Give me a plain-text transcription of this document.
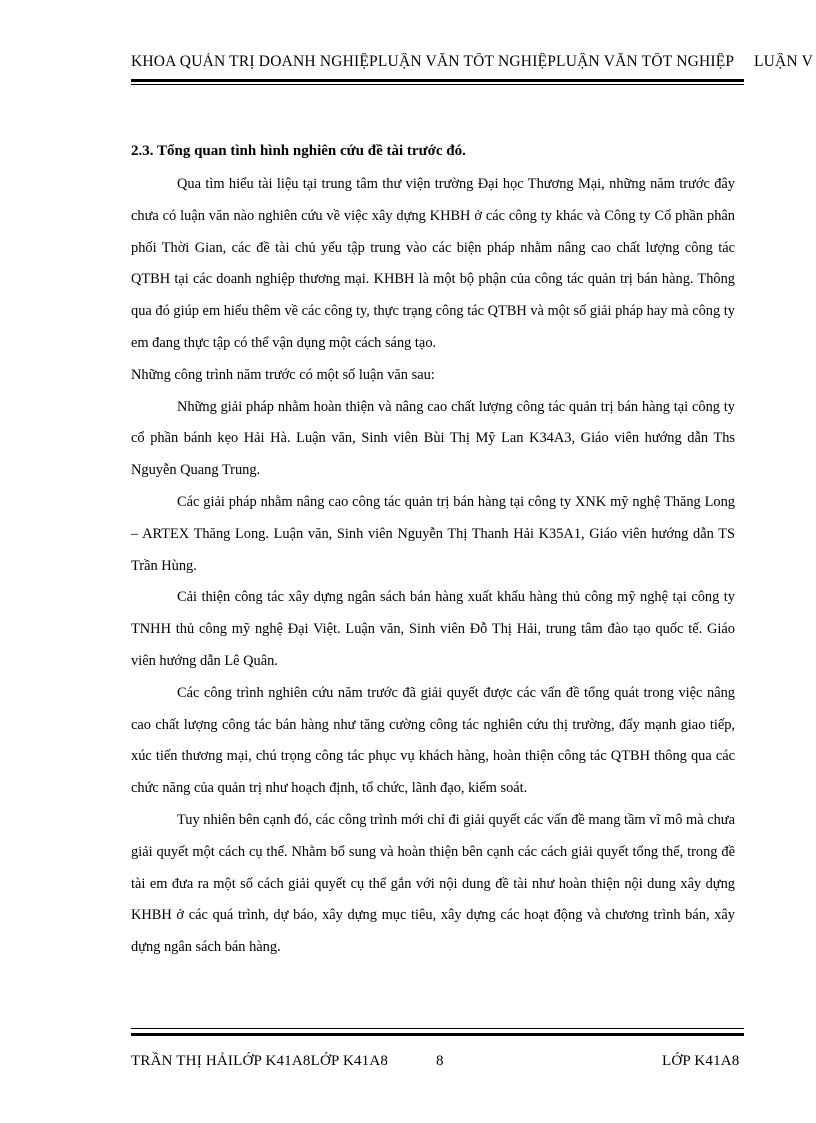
KHOA QUẢN TRỊ DOANH NGHIỆPLUẬN VĂN TỐT NGHIỆPLUẬN VĂN TỐT NGHIỆP LUẬN V
2.3. Tổng quan tình hình nghiên cứu đề tài trước đó.

Qua tìm hiểu tài liệu tại trung tâm thư viện trường Đại học Thương Mại, những năm trước đây chưa có luận văn nào nghiên cứu về việc xây dựng KHBH ở các công ty khác và Công ty Cổ phần phân phối Thời Gian, các đề tài chủ yếu tập trung vào các biện pháp nhằm nâng cao chất lượng công tác QTBH tại các doanh nghiệp thương mại. KHBH là một bộ phận của công tác quản trị bán hàng. Thông qua đó giúp em hiểu thêm về các công ty, thực trạng công tác QTBH và một số giải pháp hay mà công ty em đang thực tập có thể vận dụng một cách sáng tạo.

Những công trình năm trước có một số luận văn sau:

Những giải pháp nhằm hoàn thiện và nâng cao chất lượng công tác quản trị bán hàng tại công ty cổ phần bánh kẹo Hải Hà. Luận văn, Sinh viên Bùi Thị Mỹ Lan K34A3, Giáo viên hướng dẫn Ths Nguyễn Quang Trung.

Các giải pháp nhằm nâng cao công tác quản trị bán hàng tại công ty XNK mỹ nghệ Thăng Long – ARTEX Thăng Long. Luận văn, Sinh viên Nguyễn Thị Thanh Hải K35A1, Giáo viên hướng dẫn TS Trần Hùng.

Cải thiện công tác xây dựng ngân sách bán hàng xuất khẩu hàng thủ công mỹ nghệ tại công ty TNHH thủ công mỹ nghệ Đại Việt. Luận văn, Sinh viên Đỗ Thị Hải, trung tâm đào tạo quốc tế. Giáo viên hướng dẫn Lê Quân.

Các công trình nghiên cứu năm trước đã giải quyết được các vấn đề tổng quát trong việc nâng cao chất lượng công tác bán hàng như tăng cường công tác nghiên cứu thị trường, đẩy mạnh giao tiếp, xúc tiến thương mại, chú trọng công tác phục vụ khách hàng, hoàn thiện công tác QTBH thông qua các chức năng của quản trị như hoạch định, tổ chức, lãnh đạo, kiểm soát.

Tuy nhiên bên cạnh đó, các công trình mới chỉ đi giải quyết các vấn đề mang tầm vĩ mô mà chưa giải quyết một cách cụ thể. Nhằm bổ sung và hoàn thiện bên cạnh các cách giải quyết tổng thể, trong đề tài em đưa ra một số cách giải quyết cụ thể gắn với nội dung đề tài như hoàn thiện nội dung xây dựng KHBH ở các quá trình, dự báo, xây dựng mục tiêu, xây dựng các hoạt động và chương trình bán, xây dựng ngân sách bán hàng.

TRẦN THỊ HẢILỚP K41A8LỚP K41A8	8	LỚP K41A8
